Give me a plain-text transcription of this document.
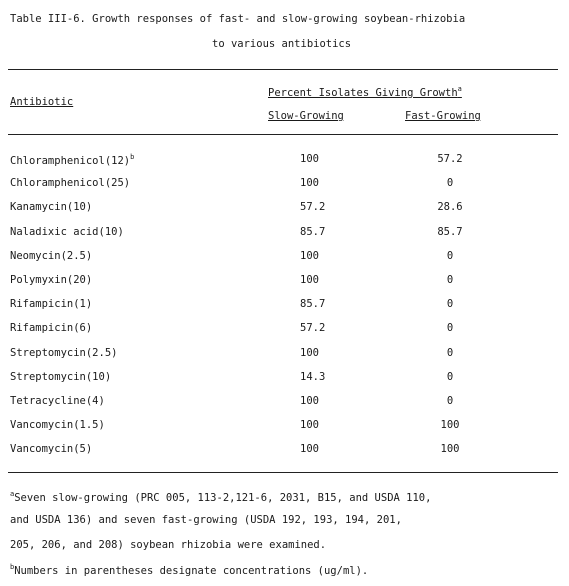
Table III-6. Growth responses of fast- and slow-growing soybean-rhizobia
to various antibiotics
Antibiotic
Percent Isolates Giving Growth$^a$
Slow-Growing	Fast-Growing
$Chloramphenicol(12)^b$	100	57.2
Chloramphenicol(25)	100	0
Kanamycin(10)	57.2	28.6
Naladixic acid(10)	85.7	85.7
Neomycin(2.5)	100	0
Polymyxin(20)	100	0
Rifampicin(1)	85.7	0
Rifampicin(6)	57.2	0
Streptomycin(2.5)	100	0
Streptomycin(10)	14.3	0
Tetracycline(4)	100	0
Vancomycin(1.5)	100	100
Vancomycin(5)	100	100
$^a$Seven slow-growing (PRC 005, 113-2,121-6, 2031, B15, and USDA 110,
and USDA 136) and seven fast-growing (USDA 192, 193, 194, 201,
205, 206, and 208) soybean rhizobia were examined.
$^b$Numbers in parentheses designate concentrations (ug/ml).
